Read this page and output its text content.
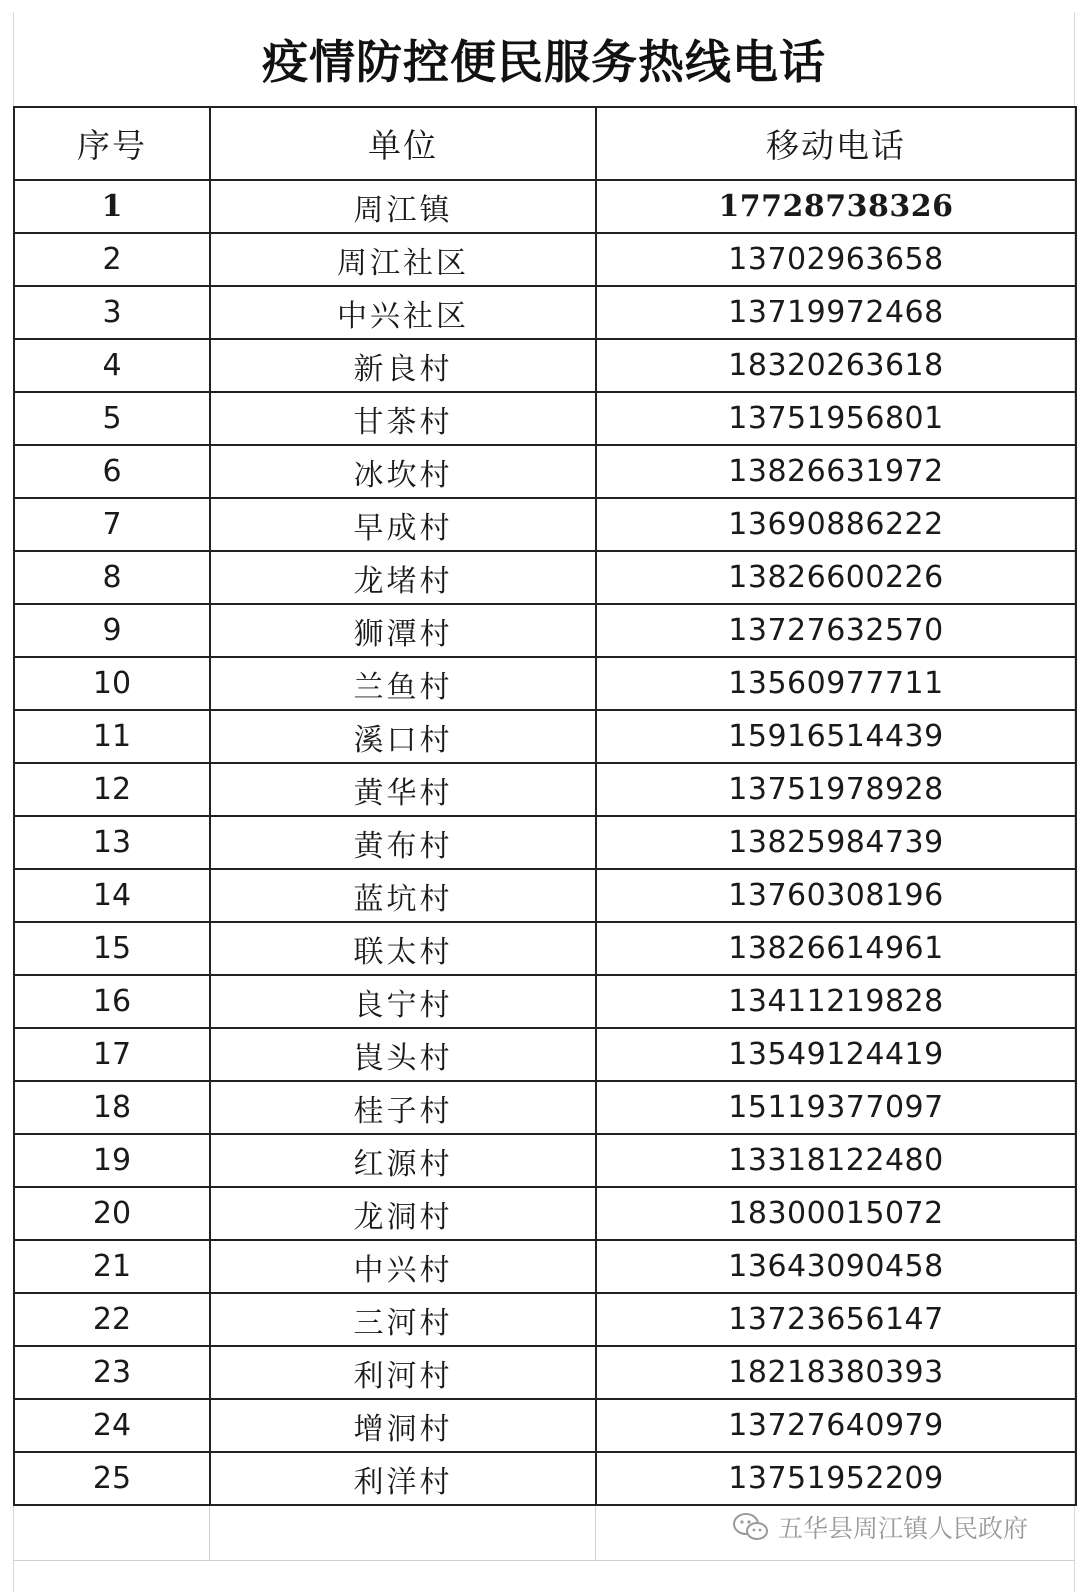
疫情防控便民服务热线电话
序号	单位	移动电话
1	周江镇	17728738326
2	周江社区	13702963658
3	中兴社区	13719972468
4	新良村	18320263618
5	甘茶村	13751956801
6	冰坎村	13826631972
7	早成村	13690886222
8	龙堵村	13826600226
9	狮潭村	13727632570
10	兰鱼村	13560977711
11	溪口村	15916514439
12	黄华村	13751978928
13	黄布村	13825984739
14	蓝坑村	13760308196
15	联太村	13826614961
16	良宁村	13411219828
17	崀头村	13549124419
18	桂子村	15119377097
19	红源村	13318122480
20	龙洞村	18300015072
21	中兴村	13643090458
22	三河村	13723656147
23	利河村	18218380393
24	增洞村	13727640979
25	利洋村	13751952209
五华县周江镇人民政府
